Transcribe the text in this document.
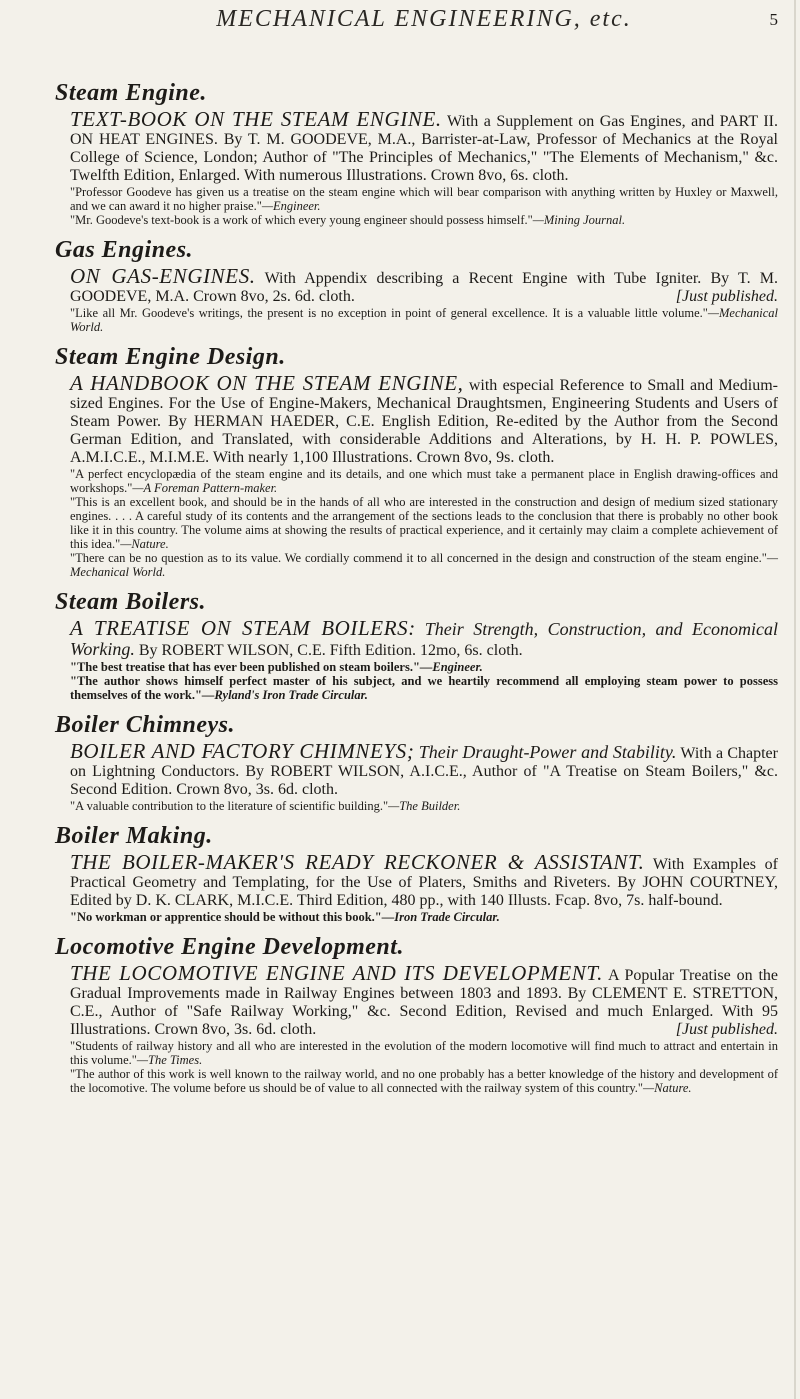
MECHANICAL ENGINEERING, etc.	5
Steam Engine.
TEXT-BOOK ON THE STEAM ENGINE. With a Supplement on Gas Engines, and PART II. ON HEAT ENGINES. By T. M. GOODEVE, M.A., Barrister-at-Law, Professor of Mechanics at the Royal College of Science, London; Author of "The Principles of Mechanics," "The Elements of Mechanism," &c. Twelfth Edition, Enlarged. With numerous Illustrations. Crown 8vo, 6s. cloth.

"Professor Goodeve has given us a treatise on the steam engine which will bear comparison with anything written by Huxley or Maxwell, and we can award it no higher praise."—Engineer.

"Mr. Goodeve's text-book is a work of which every young engineer should possess himself."—Mining Journal.

Gas Engines.
ON GAS-ENGINES. With Appendix describing a Recent Engine with Tube Igniter. By T. M. GOODEVE, M.A. Crown 8vo, 2s. 6d. cloth.	[Just published.

"Like all Mr. Goodeve's writings, the present is no exception in point of general excellence. It is a valuable little volume."—Mechanical World.

Steam Engine Design.
A HANDBOOK ON THE STEAM ENGINE, with especial Reference to Small and Medium-sized Engines. For the Use of Engine-Makers, Mechanical Draughtsmen, Engineering Students and Users of Steam Power. By HERMAN HAEDER, C.E. English Edition, Re-edited by the Author from the Second German Edition, and Translated, with considerable Additions and Alterations, by H. H. P. POWLES, A.M.I.C.E., M.I.M.E. With nearly 1,100 Illustrations. Crown 8vo, 9s. cloth.

"A perfect encyclopædia of the steam engine and its details, and one which must take a permanent place in English drawing-offices and workshops."—A Foreman Pattern-maker.

"This is an excellent book, and should be in the hands of all who are interested in the construction and design of medium sized stationary engines. . . . A careful study of its contents and the arrangement of the sections leads to the conclusion that there is probably no other book like it in this country. The volume aims at showing the results of practical experience, and it certainly may claim a complete achievement of this idea."—Nature.

"There can be no question as to its value. We cordially commend it to all concerned in the design and construction of the steam engine."—Mechanical World.

Steam Boilers.
A TREATISE ON STEAM BOILERS: Their Strength, Construction, and Economical Working. By ROBERT WILSON, C.E. Fifth Edition. 12mo, 6s. cloth.

"The best treatise that has ever been published on steam boilers."—Engineer.

"The author shows himself perfect master of his subject, and we heartily recommend all employing steam power to possess themselves of the work."—Ryland's Iron Trade Circular.

Boiler Chimneys.
BOILER AND FACTORY CHIMNEYS; Their Draught-Power and Stability. With a Chapter on Lightning Conductors. By ROBERT WILSON, A.I.C.E., Author of "A Treatise on Steam Boilers," &c. Second Edition. Crown 8vo, 3s. 6d. cloth.

"A valuable contribution to the literature of scientific building."—The Builder.

Boiler Making.
THE BOILER-MAKER'S READY RECKONER & ASSISTANT. With Examples of Practical Geometry and Templating, for the Use of Platers, Smiths and Riveters. By JOHN COURTNEY, Edited by D. K. CLARK, M.I.C.E. Third Edition, 480 pp., with 140 Illusts. Fcap. 8vo, 7s. half-bound.

"No workman or apprentice should be without this book."—Iron Trade Circular.

Locomotive Engine Development.
THE LOCOMOTIVE ENGINE AND ITS DEVELOPMENT. A Popular Treatise on the Gradual Improvements made in Railway Engines between 1803 and 1893. By CLEMENT E. STRETTON, C.E., Author of "Safe Railway Working," &c. Second Edition, Revised and much Enlarged. With 95 Illustrations. Crown 8vo, 3s. 6d. cloth.	[Just published.

"Students of railway history and all who are interested in the evolution of the modern locomotive will find much to attract and entertain in this volume."—The Times.

"The author of this work is well known to the railway world, and no one probably has a better knowledge of the history and development of the locomotive. The volume before us should be of value to all connected with the railway system of this country."—Nature.
